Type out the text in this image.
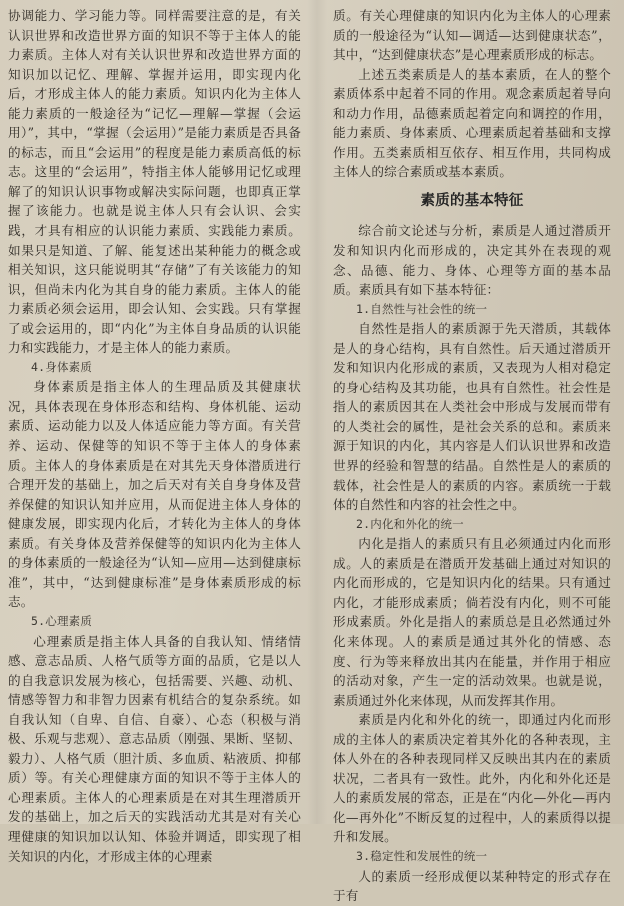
协调能力、学习能力等。同样需要注意的是，有关认识世界和改造世界方面的知识不等于主体人的能力素质。主体人对有关认识世界和改造世界方面的知识加以记忆、理解、掌握并运用，即实现内化后，才形成主体人的能力素质。知识内化为主体人能力素质的一般途径为“记忆—理解—掌握（会运用）”，其中，“掌握（会运用）”是能力素质是否具备的标志，而且“会运用”的程度是能力素质高低的标志。这里的“会运用”，特指主体人能够用记忆或理解了的知识认识事物或解决实际问题，也即真正掌握了该能力。也就是说主体人只有会认识、会实践，才具有相应的认识能力素质、实践能力素质。如果只是知道、了解、能复述出某种能力的概念或相关知识，这只能说明其“存储”了有关该能力的知识，但尚未内化为其自身的能力素质。主体人的能力素质必须会运用，即会认知、会实践。只有掌握了或会运用的，即“内化”为主体自身品质的认识能力和实践能力，才是主体人的能力素质。

4.身体素质

身体素质是指主体人的生理品质及其健康状况，具体表现在身体形态和结构、身体机能、运动素质、运动能力以及人体适应能力等方面。有关营养、运动、保健等的知识不等于主体人的身体素质。主体人的身体素质是在对其先天身体潜质进行合理开发的基础上，加之后天对有关自身身体及营养保健的知识认知并应用，从而促进主体人身体的健康发展，即实现内化后，才转化为主体人的身体素质。有关身体及营养保健等的知识内化为主体人的身体素质的一般途径为“认知—应用—达到健康标准”，其中，“达到健康标准”是身体素质形成的标志。

5.心理素质

心理素质是指主体人具备的自我认知、情绪情感、意志品质、人格气质等方面的品质，它是以人的自我意识发展为核心，包括需要、兴趣、动机、情感等智力和非智力因素有机结合的复杂系统。如自我认知（自卑、自信、自豪）、心态（积极与消极、乐观与悲观）、意志品质（刚强、果断、坚韧、毅力）、人格气质（胆汁质、多血质、粘液质、抑郁质）等。有关心理健康方面的知识不等于主体人的心理素质。主体人的心理素质是在对其生理潜质开发的基础上，加之后天的实践活动尤其是对有关心理健康的知识加以认知、体验并调适，即实现了相关知识的内化，才形成主体的心理素

质。有关心理健康的知识内化为主体人的心理素质的一般途径为“认知—调适—达到健康状态”，其中，“达到健康状态”是心理素质形成的标志。

上述五类素质是人的基本素质，在人的整个素质体系中起着不同的作用。观念素质起着导向和动力作用，品德素质起着定向和调控的作用，能力素质、身体素质、心理素质起着基础和支撑作用。五类素质相互依存、相互作用，共同构成主体人的综合素质或基本素质。

素质的基本特征

综合前文论述与分析，素质是人通过潜质开发和知识内化而形成的，决定其外在表现的观念、品德、能力、身体、心理等方面的基本品质。素质具有如下基本特征：

1.自然性与社会性的统一

自然性是指人的素质源于先天潜质，其载体是人的身心结构，具有自然性。后天通过潜质开发和知识内化形成的素质，又表现为人相对稳定的身心结构及其功能，也具有自然性。社会性是指人的素质因其在人类社会中形成与发展而带有的人类社会的属性，是社会关系的总和。素质来源于知识的内化，其内容是人们认识世界和改造世界的经验和智慧的结晶。自然性是人的素质的载体，社会性是人的素质的内容。素质统一于载体的自然性和内容的社会性之中。

2.内化和外化的统一

内化是指人的素质只有且必须通过内化而形成。人的素质是在潜质开发基础上通过对知识的内化而形成的，它是知识内化的结果。只有通过内化，才能形成素质；倘若没有内化，则不可能形成素质。外化是指人的素质总是且必然通过外化来体现。人的素质是通过其外化的情感、态度、行为等来释放出其内在能量，并作用于相应的活动对象，产生一定的活动效果。也就是说，素质通过外化来体现，从而发挥其作用。

素质是内化和外化的统一，即通过内化而形成的主体人的素质决定着其外化的各种表现，主体人外在的各种表现同样又反映出其内在的素质状况，二者具有一致性。此外，内化和外化还是人的素质发展的常态，正是在“内化—外化—再内化—再外化”不断反复的过程中，人的素质得以提升和发展。

3.稳定性和发展性的统一

人的素质一经形成便以某种特定的形式存在于有
